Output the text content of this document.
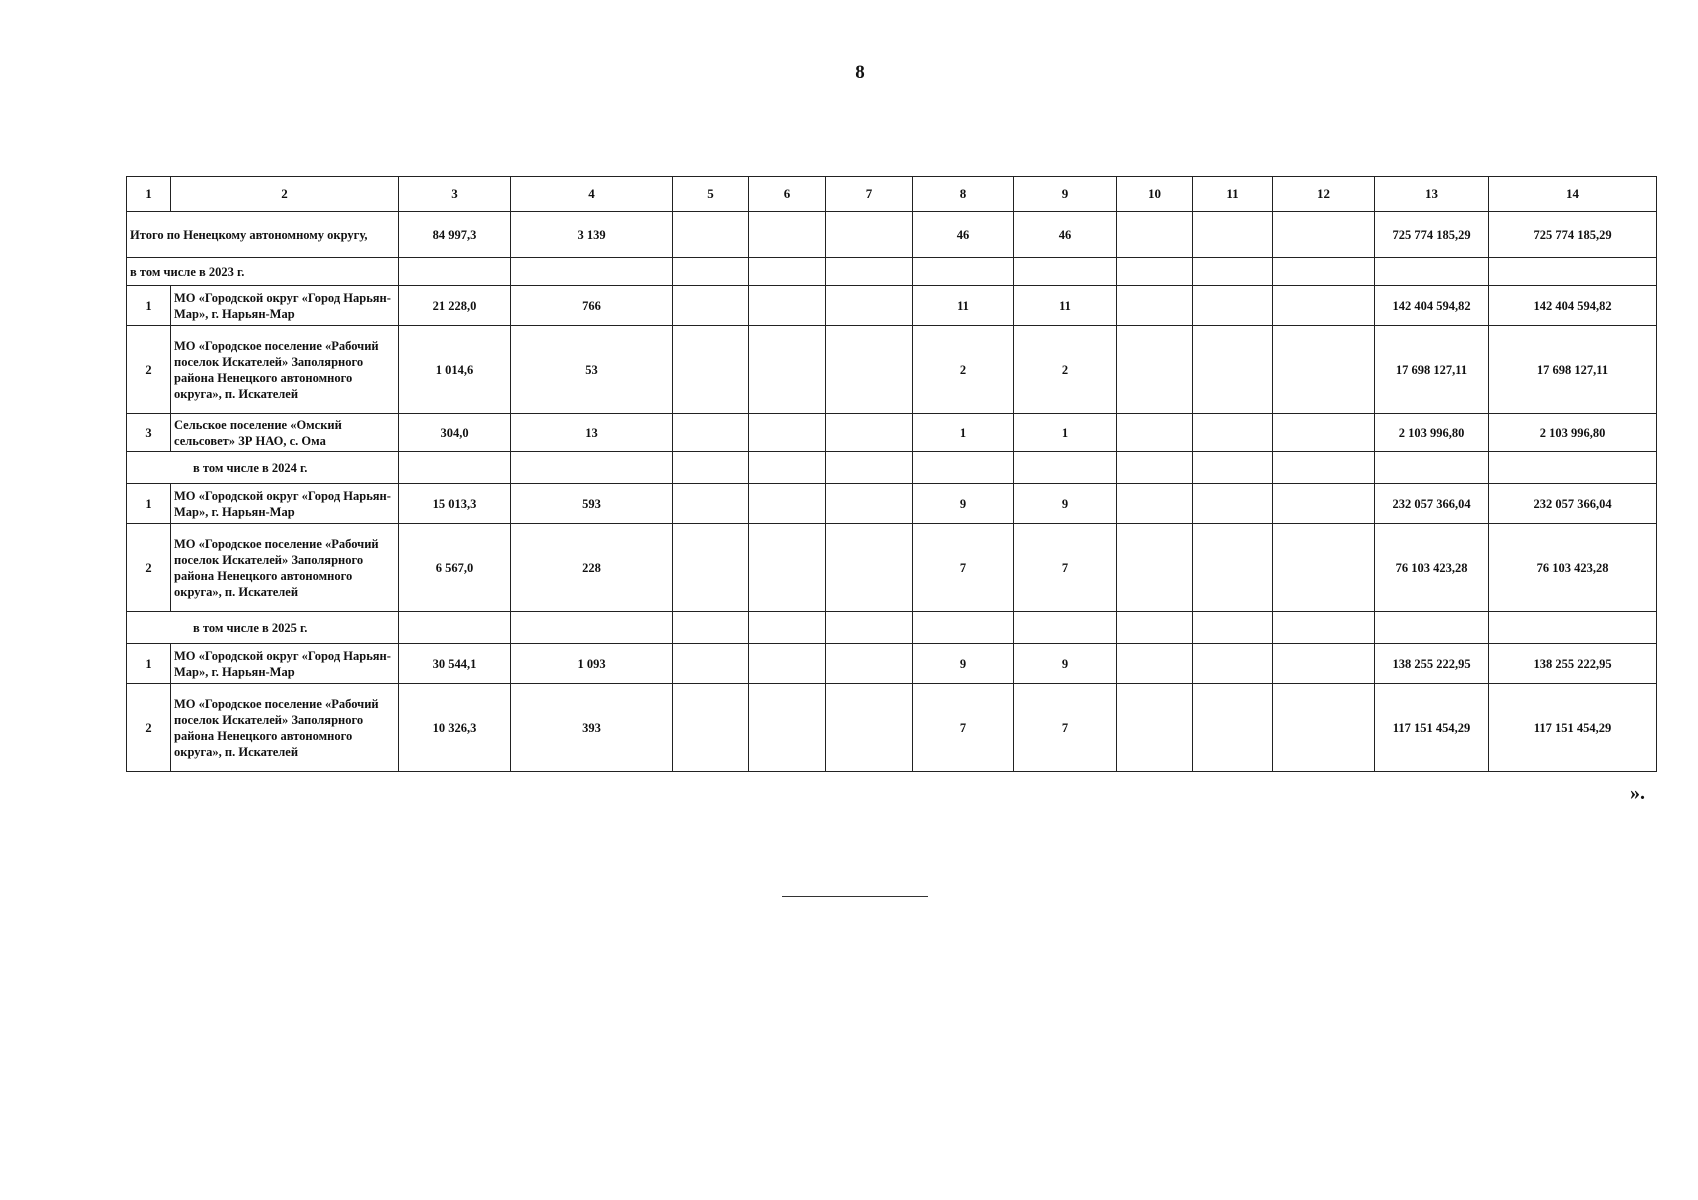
8
1	2	3	4	5	6	7	8	9	10	11	12	13	14
Итого по Ненецкому автономному округу,		84 997,3	3 139				46	46				725 774 185,29	725 774 185,29
в том числе в 2023 г.													
1	МО «Городской округ «Город Нарьян-Мар», г. Нарьян-Мар	21 228,0	766				11	11				142 404 594,82	142 404 594,82
2	МО «Городское поселение «Рабочий поселок Искателей» Заполярного района Ненецкого автономного округа», п. Искателей	1 014,6	53				2	2				17 698 127,11	17 698 127,11
3	Сельское поселение «Омский сельсовет» ЗР НАО, с. Ома	304,0	13				1	1				2 103 996,80	2 103 996,80
в том числе в 2024 г.													
1	МО «Городской округ «Город Нарьян-Мар», г. Нарьян-Мар	15 013,3	593				9	9				232 057 366,04	232 057 366,04
2	МО «Городское поселение «Рабочий поселок Искателей» Заполярного района Ненецкого автономного округа», п. Искателей	6 567,0	228				7	7				76 103 423,28	76 103 423,28
в том числе в 2025 г.													
1	МО «Городской округ «Город Нарьян-Мар», г. Нарьян-Мар	30 544,1	1 093				9	9				138 255 222,95	138 255 222,95
2	МО «Городское поселение «Рабочий поселок Искателей» Заполярного района Ненецкого автономного округа», п. Искателей	10 326,3	393				7	7				117 151 454,29	117 151 454,29
».
